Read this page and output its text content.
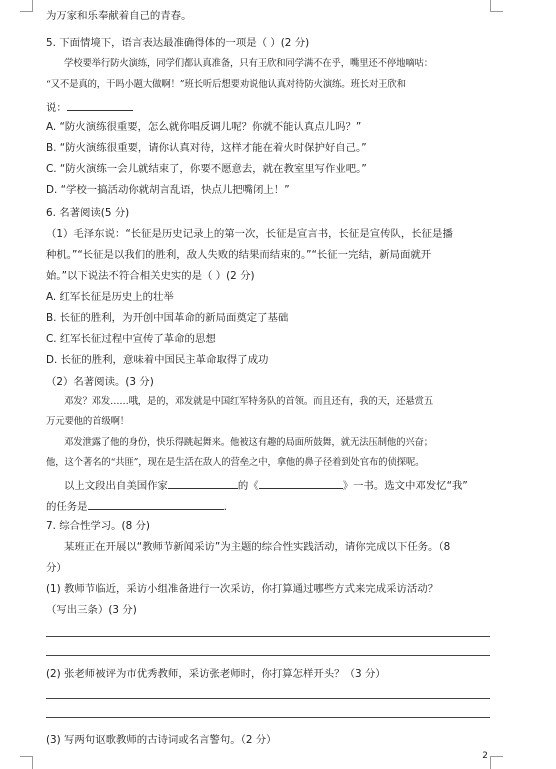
为万家和乐奉献着自己的青春。
5. 下面情境下，语言表达最准确得体的一项是（ ）(2 分)
学校要举行防火演练，同学们都认真准备，只有王欣和同学满不在乎，嘴里还不停地嘀咕：
“又不是真的，干吗小题大做啊！”班长听后想要劝说他认真对待防火演练。班长对王欣和
说：
A. “防火演练很重要，怎么就你唱反调儿呢？你就不能认真点儿吗？”
B. “防火演练很重要，请你认真对待，这样才能在着火时保护好自己。”
C. “防火演练一会儿就结束了，你要不愿意去，就在教室里写作业吧。”
D. “学校一搞活动你就胡言乱语，快点儿把嘴闭上！”
6. 名著阅读(5 分)
（1）毛泽东说：“长征是历史记录上的第一次，长征是宣言书，长征是宣传队，长征是播
种机。”“长征是以我们的胜利，敌人失败的结果而结束的。”“长征一完结，新局面就开
始。”以下说法不符合相关史实的是（ ）(2 分)
A. 红军长征是历史上的壮举
B. 长征的胜利，为开创中国革命的新局面奠定了基础
C. 红军长征过程中宣传了革命的思想
D. 长征的胜利，意味着中国民主革命取得了成功
（2）名著阅读。(3 分)
邓发？邓发……哦，是的，邓发就是中国红军特务队的首领。而且还有，我的天，还悬赏五
万元要他的首级啊！
邓发泄露了他的身份，快乐得跳起舞来。他被这有趣的局面所鼓舞，就无法压制他的兴奋；
他，这个著名的“共匪”，现在是生活在敌人的营垒之中，拿他的鼻子径着到处官布的侦探呢。
以上文段出自美国作家	的《	》一书。选文中邓发忆“我”
的任务是	.
7. 综合性学习。(8 分)
某班正在开展以“教师节新闻采访”为主题的综合性实践活动，请你完成以下任务。（8
分）
(1) 教师节临近，采访小组准备进行一次采访，你打算通过哪些方式来完成采访活动？
（写出三条）(3 分)
(2) 张老师被评为市优秀教师，采访张老师时，你打算怎样开头？（3 分）
(3) 写两句讴歌教师的古诗词或名言警句。（2 分）
2
